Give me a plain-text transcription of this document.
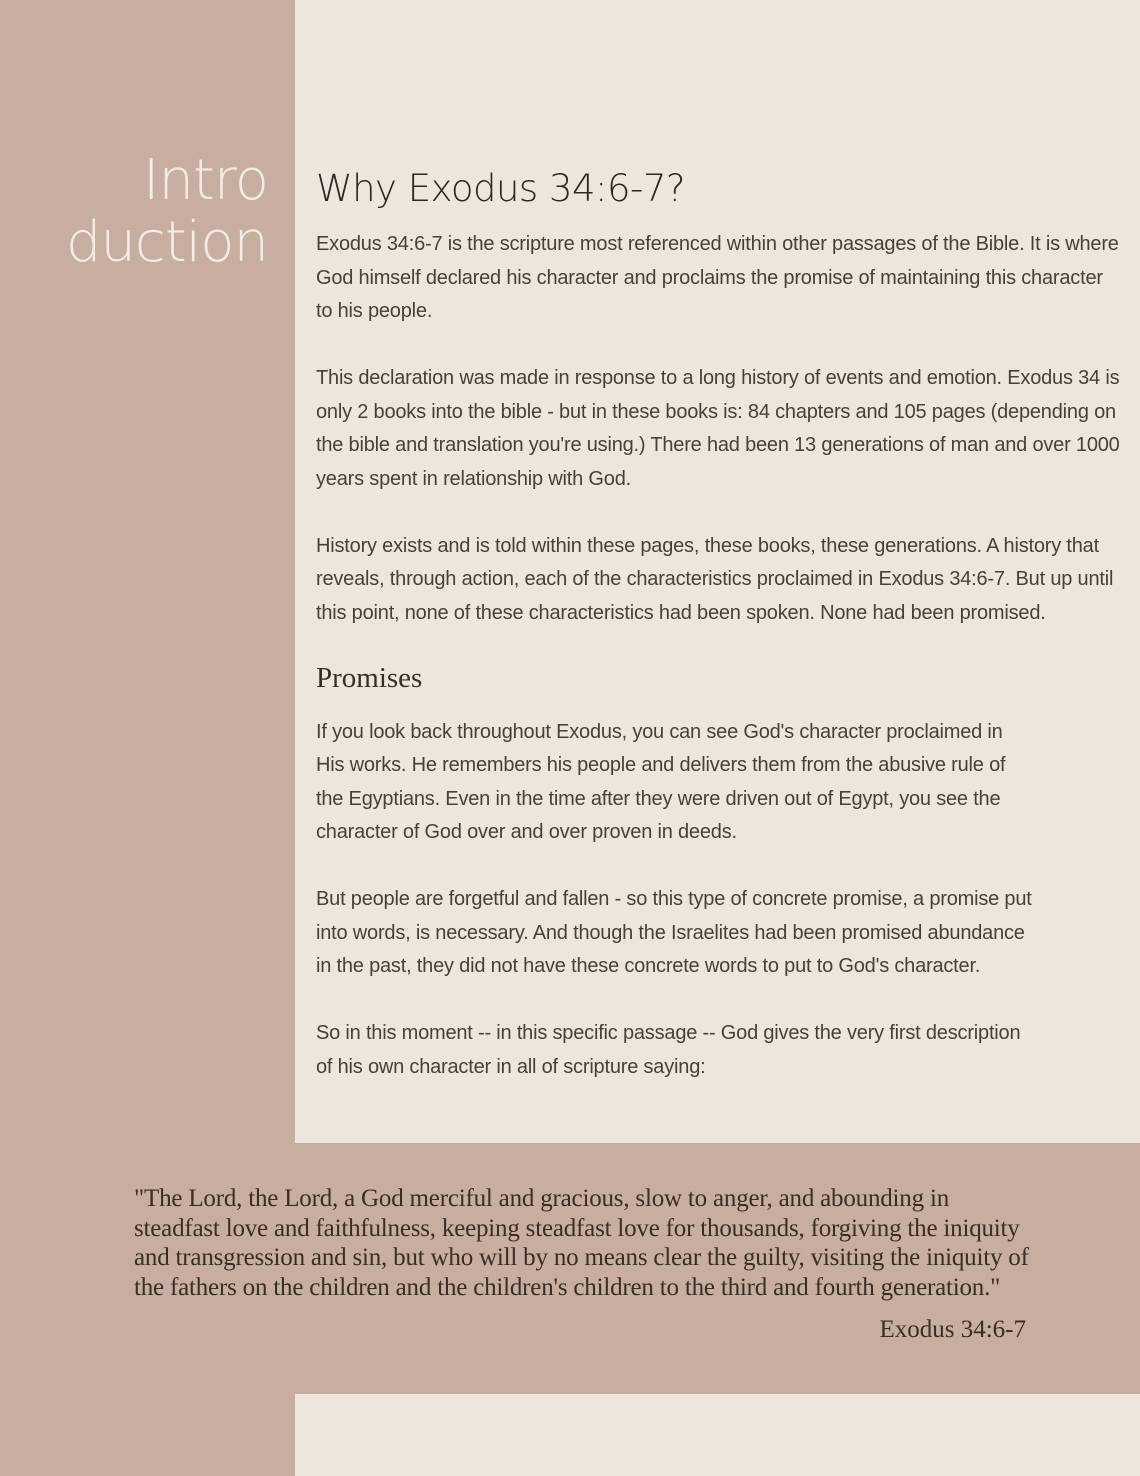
Intro
duction
Why Exodus 34:6-7?

Exodus 34:6-7 is the scripture most referenced within other passages of the Bible. It is where God himself declared his character and proclaims the promise of maintaining this character to his people.

This declaration was made in response to a long history of events and emotion. Exodus 34 is only 2 books into the bible - but in these books is: 84 chapters and 105 pages (depending on the bible and translation you're using.) There had been 13 generations of man and over 1000 years spent in relationship with God.

History exists and is told within these pages, these books, these generations. A history that reveals, through action, each of the characteristics proclaimed in Exodus 34:6-7. But up until this point, none of these characteristics had been spoken. None had been promised.

Promises

If you look back throughout Exodus, you can see God's character proclaimed in His works. He remembers his people and delivers them from the abusive rule of the Egyptians. Even in the time after they were driven out of Egypt, you see the character of God over and over proven in deeds.

But people are forgetful and fallen - so this type of concrete promise, a promise put into words, is necessary. And though the Israelites had been promised abundance in the past, they did not have these concrete words to put to God's character.

So in this moment -- in this specific passage -- God gives the very first description of his own character in all of scripture saying:

"The Lord, the Lord, a God merciful and gracious, slow to anger, and abounding in steadfast love and faithfulness, keeping steadfast love for thousands, forgiving the iniquity and transgression and sin, but who will by no means clear the guilty, visiting the iniquity of the fathers on the children and the children's children to the third and fourth generation."
Exodus 34:6-7
